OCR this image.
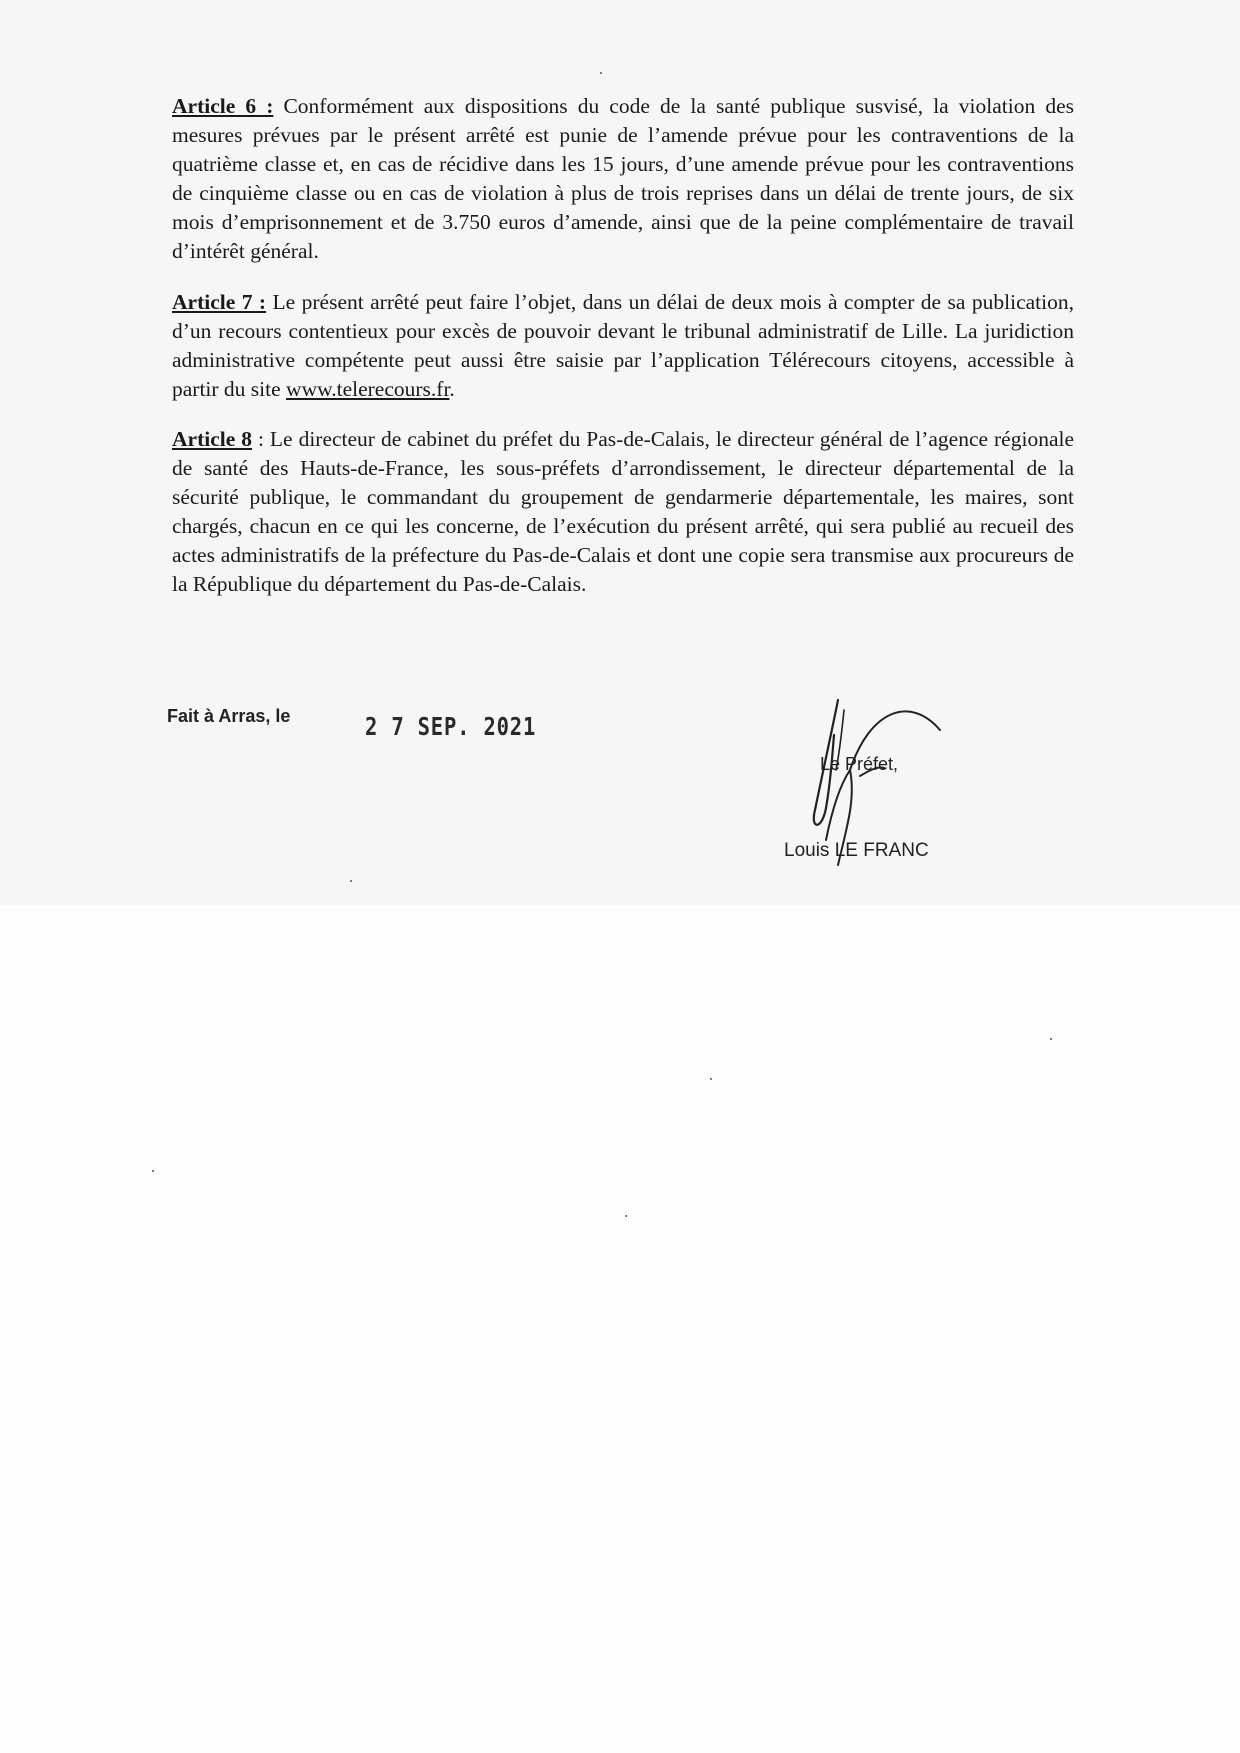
Article 6 : Conformément aux dispositions du code de la santé publique susvisé, la violation des mesures prévues par le présent arrêté est punie de l’amende prévue pour les contraventions de la quatrième classe et, en cas de récidive dans les 15 jours, d’une amende prévue pour les contraventions de cinquième classe ou en cas de violation à plus de trois reprises dans un délai de trente jours, de six mois d’emprisonnement et de 3.750 euros d’amende, ainsi que de la peine complémentaire de travail d’intérêt général.

Article 7 : Le présent arrêté peut faire l’objet, dans un délai de deux mois à compter de sa publication, d’un recours contentieux pour excès de pouvoir devant le tribunal administratif de Lille. La juridiction administrative compétente peut aussi être saisie par l’application Télérecours citoyens, accessible à partir du site www.telerecours.fr.

Article 8 : Le directeur de cabinet du préfet du Pas-de-Calais, le directeur général de l’agence régionale de santé des Hauts-de-France, les sous-préfets d’arrondissement, le directeur départemental de la sécurité publique, le commandant du groupement de gendarmerie départementale, les maires, sont chargés, chacun en ce qui les concerne, de l’exécution du présent arrêté, qui sera publié au recueil des actes administratifs de la préfecture du Pas-de-Calais et dont une copie sera transmise aux procureurs de la République du département du Pas-de-Calais.

Fait à Arras, le	2 7 SEP. 2021
Le Préfet,
Louis LE FRANC
